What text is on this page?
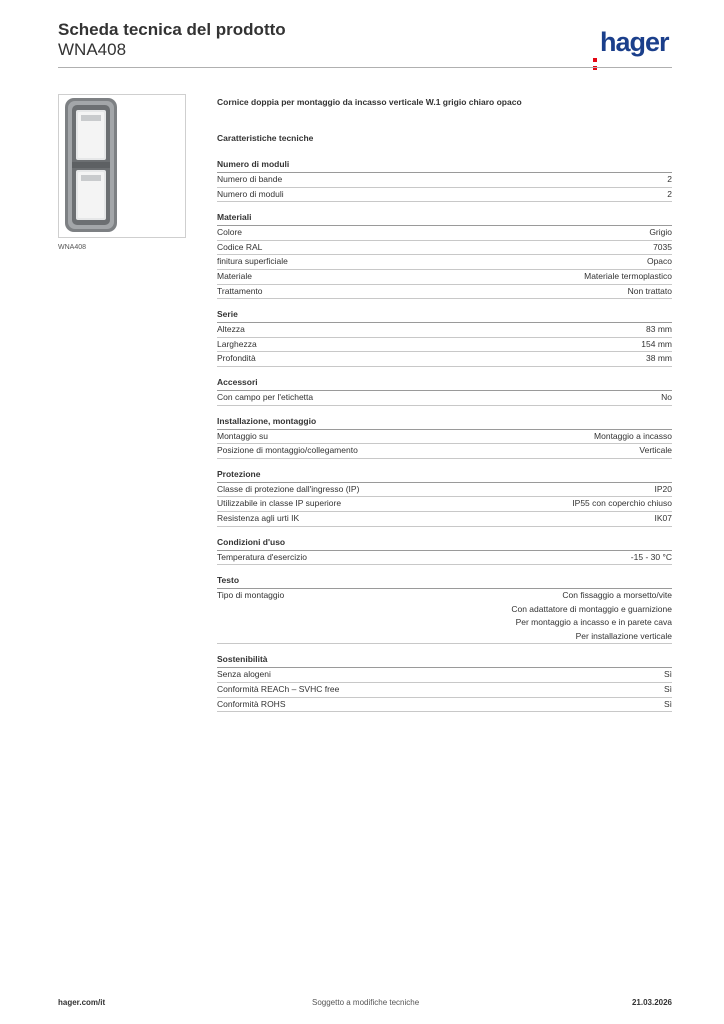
Scheda tecnica del prodotto
WNA408	hager
WNA408
Cornice doppia per montaggio da incasso verticale W.1 grigio chiaro opaco
Caratteristiche tecniche
Numero di moduli
Numero di bande	2
Numero di moduli	2
Materiali
Colore	Grigio
Codice RAL	7035
finitura superficiale	Opaco
Materiale	Materiale termoplastico
Trattamento	Non trattato
Serie
Altezza	83 mm
Larghezza	154 mm
Profondità	38 mm
Accessori
Con campo per l'etichetta	No
Installazione, montaggio
Montaggio su	Montaggio a incasso
Posizione di montaggio/collegamento	Verticale
Protezione
Classe di protezione dall'ingresso (IP)	IP20
Utilizzabile in classe IP superiore	IP55 con coperchio chiuso
Resistenza agli urti IK	IK07
Condizioni d'uso
Temperatura d'esercizio	-15 - 30 °C
Testo
Tipo di montaggio	Con fissaggio a morsetto/vite
Con adattatore di montaggio e guarnizione
Per montaggio a incasso e in parete cava
Per installazione verticale
Sostenibilità
Senza alogeni	Sì
Conformità REACh – SVHC free	Sì
Conformità ROHS	Sì
hager.com/it	Soggetto a modifiche tecniche	21.03.2026
